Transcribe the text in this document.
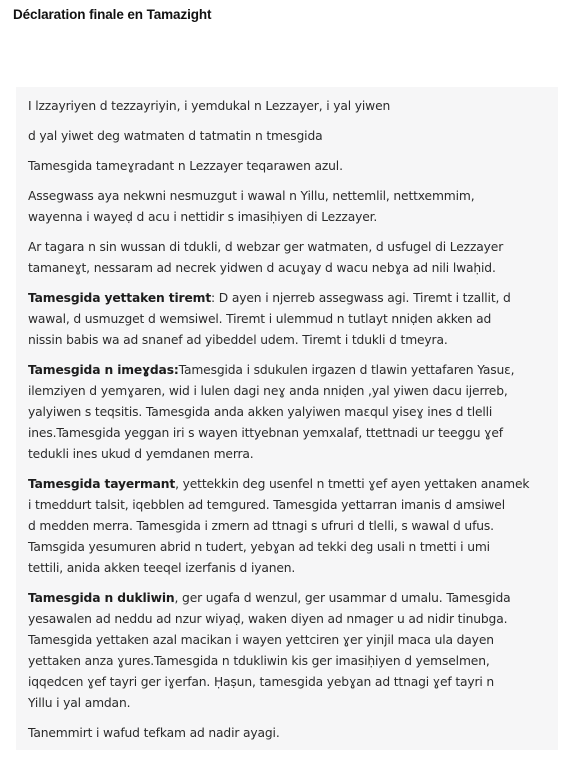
Déclaration finale en Tamazight

I lzzayriyen d tezzayriyin, i yemdukal n Lezzayer, i yal yiwen

d yal yiwet deg watmaten d tatmatin n tmesgida

Tamesgida tameɣradant n Lezzayer teqarawen azul.

Assegwass aya nekwni nesmuzgut i wawal n Yillu, nettemlil, nettxemmim,
wayenna i wayeḍ d acu i nettidir s imasiḥiyen di Lezzayer.

Ar tagara n sin wussan di tdukli, d webzar ger watmaten, d usfugel di Lezzayer
tamaneɣt, nessaram ad necrek yidwen d acuɣay d wacu nebɣa ad nili lwaḥid.

Tamesgida yettaken tiremt: D ayen i njerreb assegwass agi. Tiremt i tzallit, d
wawal, d usmuzget d wemsiwel. Tiremt i ulemmud n tutlayt nniḍen akken ad
nissin babis wa ad snanef ad yibeddel udem. Tiremt i tdukli d tmeyra.

Tamesgida n imeɣdas:Tamesgida i sdukulen irgazen d tlawin yettafaren Yasuɛ,
ilemziyen d yemɣaren, wid i lulen dagi neɣ anda nniḍen ,yal yiwen dacu ijerreb,
yalyiwen s teqsitis. Tamesgida anda akken yalyiwen maɛqul yiseɣ ines d tlelli
ines.Tamesgida yeggan iri s wayen ittyebnan yemxalaf, ttettnadi ur teeggu ɣef
tedukli ines ukud d yemdanen merra.

Tamesgida tayermant, yettekkin deg usenfel n tmetti ɣef ayen yettaken anamek
i tmeddurt talsit, iqebblen ad temgured. Tamesgida yettarran imanis d amsiwel
d medden merra. Tamesgida i zmern ad ttnagi s ufruri d tlelli, s wawal d ufus.
Tamsgida yesumuren abrid n tudert, yebɣan ad tekki deg usali n tmetti i umi
tettili, anida akken teeqel izerfanis d iyanen.

Tamesgida n dukliwin, ger ugafa d wenzul, ger usammar d umalu. Tamesgida
yesawalen ad neddu ad nzur wiyaḍ, waken diyen ad nmager u ad nidir tinubga.
Tamesgida yettaken azal macikan i wayen yettciren ɣer yinjil maca ula dayen
yettaken anza ɣures.Tamesgida n tdukliwin kis ger imasiḥiyen d yemselmen,
iqqedcen ɣef tayri ger iɣerfan. Ḥaṣun, tamesgida yebɣan ad ttnagi ɣef tayri n
Yillu i yal amdan.

Tanemmirt i wafud tefkam ad nadir ayagi.
